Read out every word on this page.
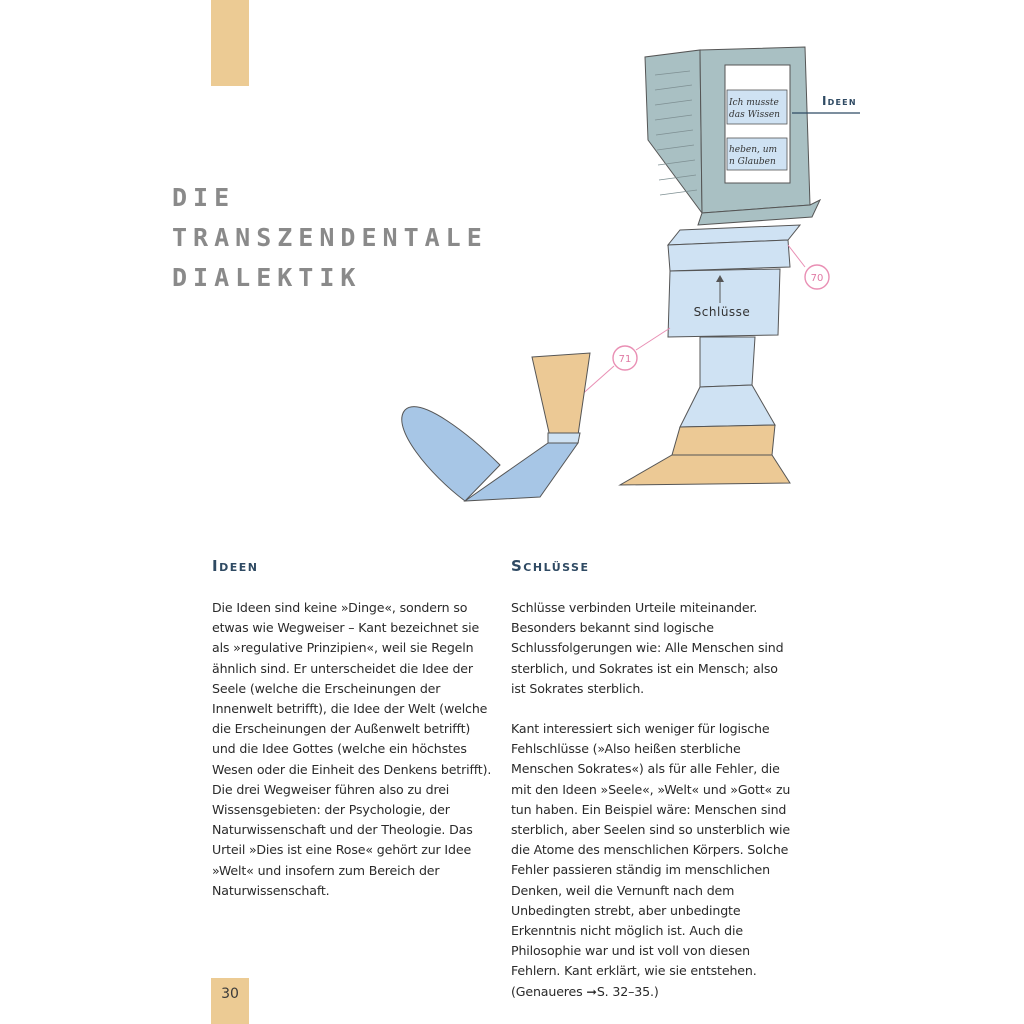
DIE
TRANSZENDENTALE
DIALEKTIK
Ich musste
das Wissen
heben, um
n Glauben
Ideen
70
Schlüsse
71
Ideen

Die Ideen sind keine »Dinge«, sondern so etwas wie Wegweiser – Kant bezeichnet sie als »regulative Prinzipien«, weil sie Regeln ähnlich sind. Er unterscheidet die Idee der Seele (welche die Erscheinungen der Innenwelt betrifft), die Idee der Welt (welche die Erscheinungen der Außenwelt betrifft) und die Idee Gottes (welche ein höchstes Wesen oder die Einheit des Denkens betrifft). Die drei Wegweiser führen also zu drei Wissensgebieten: der Psychologie, der Naturwissenschaft und der Theologie. Das Urteil »Dies ist eine Rose« gehört zur Idee »Welt« und insofern zum Bereich der Naturwissenschaft.

Schlüsse

Schlüsse verbinden Urteile miteinander. Besonders bekannt sind logische Schlussfolgerungen wie: Alle Menschen sind sterblich, und Sokrates ist ein Mensch; also ist Sokrates sterblich.

Kant interessiert sich weniger für logische Fehlschlüsse (»Also heißen sterbliche Menschen Sokrates«) als für alle Fehler, die mit den Ideen »Seele«, »Welt« und »Gott« zu tun haben. Ein Beispiel wäre: Menschen sind sterblich, aber Seelen sind so unsterblich wie die Atome des menschlichen Körpers. Solche Fehler passieren ständig im menschlichen Denken, weil die Vernunft nach dem Unbedingten strebt, aber unbedingte Erkenntnis nicht möglich ist. Auch die Philosophie war und ist voll von diesen Fehlern. Kant erklärt, wie sie entstehen. (Genaueres ➞S. 32–35.)

30
